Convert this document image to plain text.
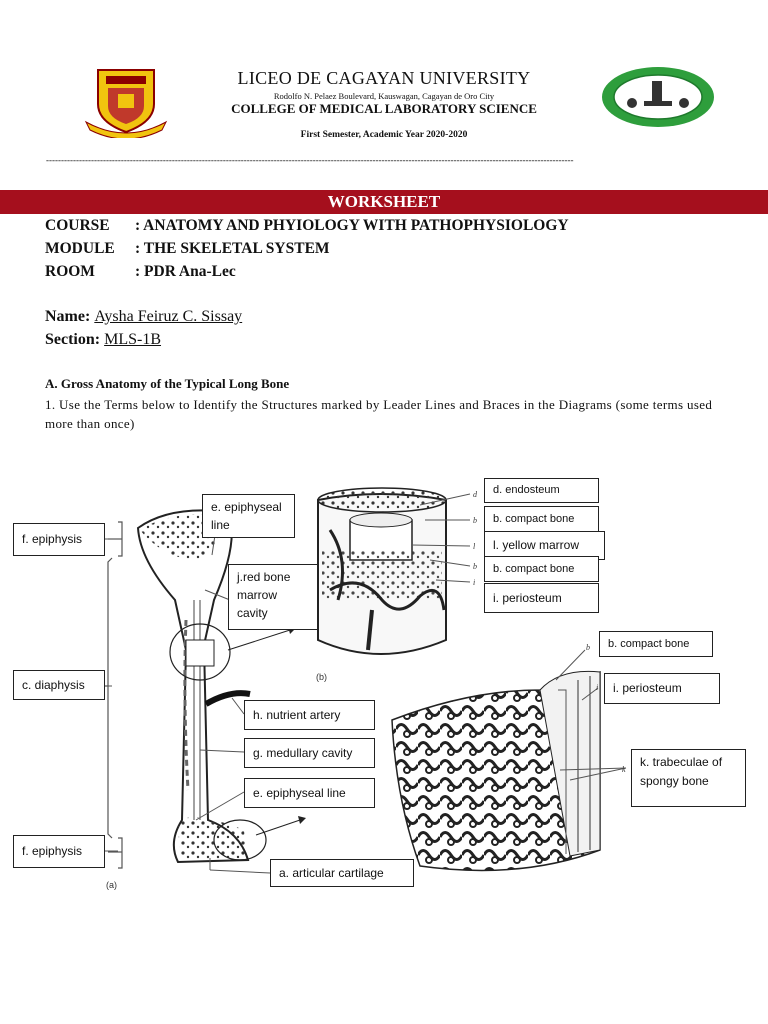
LICEO DE CAGAYAN UNIVERSITY
Rodolfo N. Pelaez Boulevard, Kauswagan, Cagayan de Oro City
COLLEGE OF MEDICAL LABORATORY SCIENCE
First Semester, Academic Year 2020-2020
--------------------------------------------------------------------------------------------------------------------------------------------------------------------------------
WORKSHEET
COURSE : ANATOMY AND PHYIOLOGY WITH PATHOPHYSIOLOGY
MODULE : THE SKELETAL SYSTEM
ROOM	: PDR Ana-Lec
Name: Aysha Feiruz C. Sissay
Section: MLS-1B
A. Gross Anatomy of the Typical Long Bone
1. Use the Terms below to Identify the Structures marked by Leader Lines and Braces in the Diagrams (some terms used more than once)
(a)
(b)
d
b
l
b
i
b
i
k
f. epiphysis
e. epiphyseal line
j.red bone marrow cavity
c. diaphysis
h. nutrient artery
g. medullary cavity
e. epiphyseal line
f. epiphysis
a. articular cartilage
d. endosteum
b. compact bone
l. yellow marrow
b. compact bone
i. periosteum
b. compact bone
i. periosteum
k. trabeculae of spongy bone
